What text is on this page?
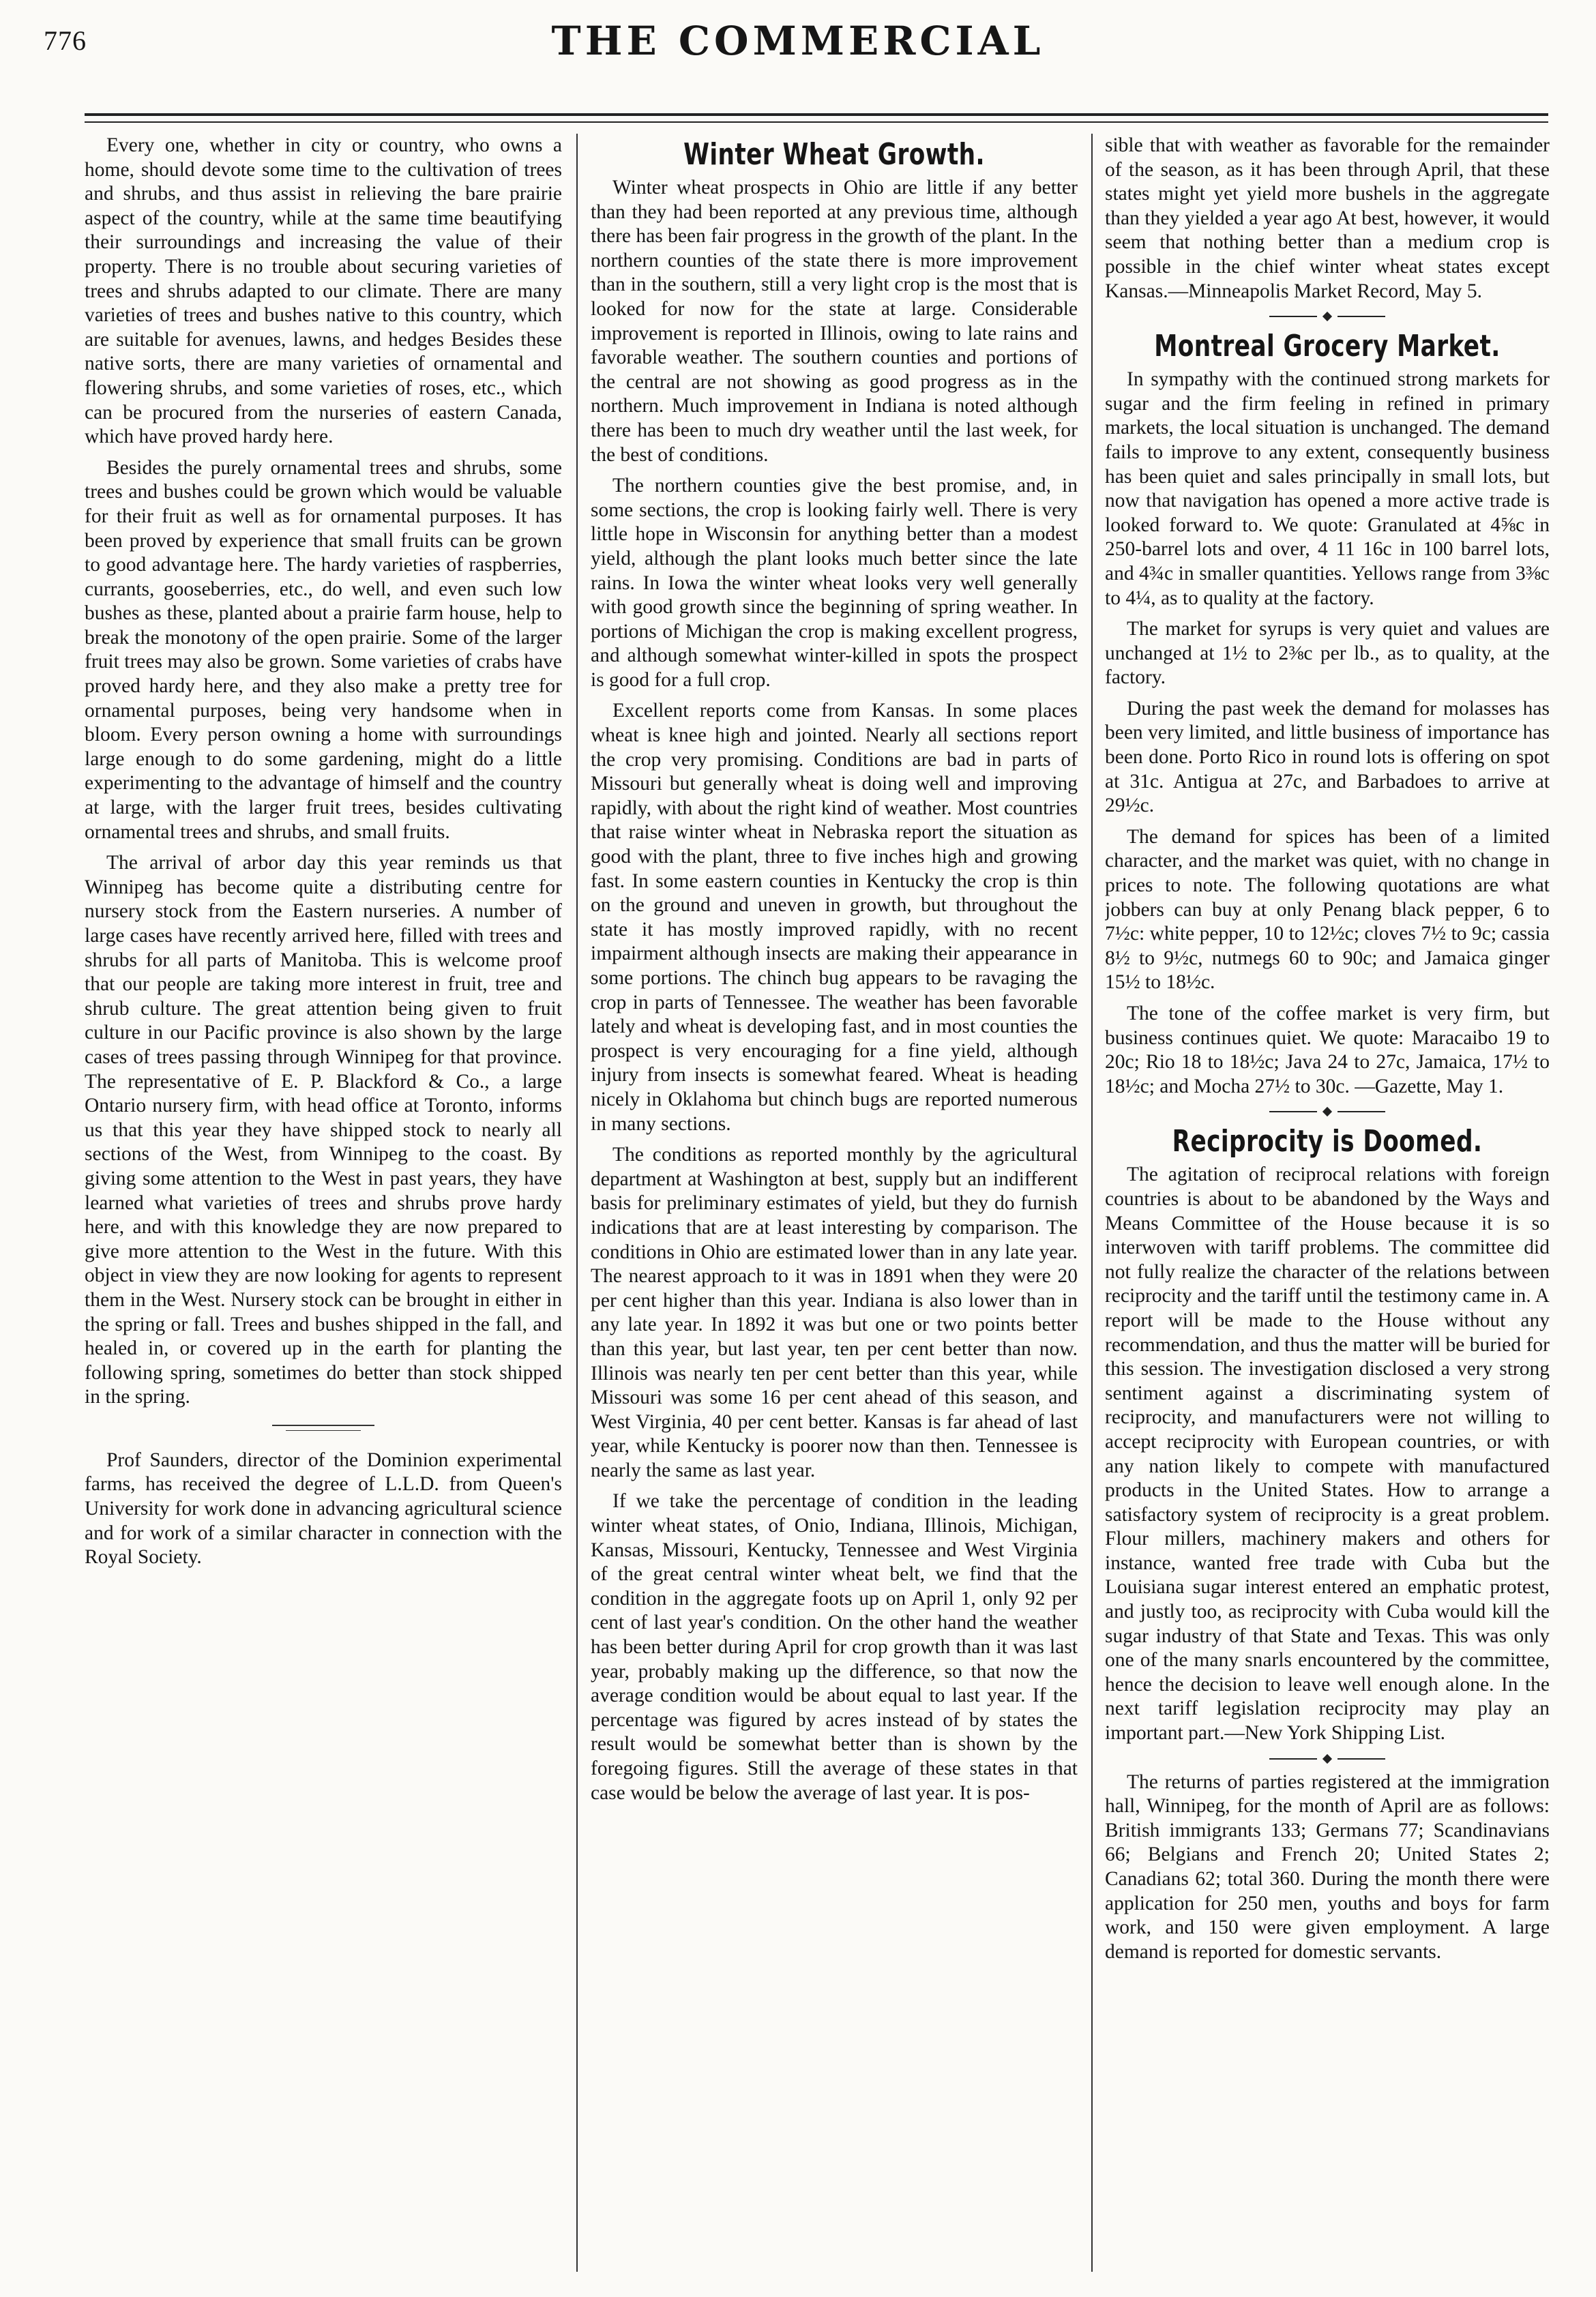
776	THE COMMERCIAL

Every one, whether in city or country, who owns a home, should devote some time to the cultivation of trees and shrubs, and thus assist in relieving the bare prairie aspect of the country, while at the same time beautifying their surroundings and increasing the value of their property. There is no trouble about securing varieties of trees and shrubs adapted to our climate. There are many varieties of trees and bushes native to this country, which are suitable for avenues, lawns, and hedges Besides these native sorts, there are many varieties of ornamental and flowering shrubs, and some varieties of roses, etc., which can be procured from the nurseries of eastern Canada, which have proved hardy here.

Besides the purely ornamental trees and shrubs, some trees and bushes could be grown which would be valuable for their fruit as well as for ornamental purposes. It has been proved by experience that small fruits can be grown to good advantage here. The hardy varieties of raspberries, currants, gooseberries, etc., do well, and even such low bushes as these, planted about a prairie farm house, help to break the monotony of the open prairie. Some of the larger fruit trees may also be grown. Some varieties of crabs have proved hardy here, and they also make a pretty tree for ornamental purposes, being very handsome when in bloom. Every person owning a home with surroundings large enough to do some gardening, might do a little experimenting to the advantage of himself and the country at large, with the larger fruit trees, besides cultivating ornamental trees and shrubs, and small fruits.

The arrival of arbor day this year reminds us that Winnipeg has become quite a distributing centre for nursery stock from the Eastern nurseries. A number of large cases have recently arrived here, filled with trees and shrubs for all parts of Manitoba. This is welcome proof that our people are taking more interest in fruit, tree and shrub culture. The great attention being given to fruit culture in our Pacific province is also shown by the large cases of trees passing through Winnipeg for that province. The representative of E. P. Blackford & Co., a large Ontario nursery firm, with head office at Toronto, informs us that this year they have shipped stock to nearly all sections of the West, from Winnipeg to the coast. By giving some attention to the West in past years, they have learned what varieties of trees and shrubs prove hardy here, and with this knowledge they are now prepared to give more attention to the West in the future. With this object in view they are now looking for agents to represent them in the West. Nursery stock can be brought in either in the spring or fall. Trees and bushes shipped in the fall, and healed in, or covered up in the earth for planting the following spring, sometimes do better than stock shipped in the spring.

Prof Saunders, director of the Dominion experimental farms, has received the degree of L.L.D. from Queen's University for work done in advancing agricultural science and for work of a similar character in connection with the Royal Society.

Winter Wheat Growth.

Winter wheat prospects in Ohio are little if any better than they had been reported at any previous time, although there has been fair progress in the growth of the plant. In the northern counties of the state there is more improvement than in the southern, still a very light crop is the most that is looked for now for the state at large. Considerable improvement is reported in Illinois, owing to late rains and favorable weather. The southern counties and portions of the central are not showing as good progress as in the northern. Much improvement in Indiana is noted although there has been to much dry weather until the last week, for the best of conditions.

The northern counties give the best promise, and, in some sections, the crop is looking fairly well. There is very little hope in Wisconsin for anything better than a modest yield, although the plant looks much better since the late rains. In Iowa the winter wheat looks very well generally with good growth since the beginning of spring weather. In portions of Michigan the crop is making excellent progress, and although somewhat winter-killed in spots the prospect is good for a full crop.

Excellent reports come from Kansas. In some places wheat is knee high and jointed. Nearly all sections report the crop very promising. Conditions are bad in parts of Missouri but generally wheat is doing well and improving rapidly, with about the right kind of weather. Most countries that raise winter wheat in Nebraska report the situation as good with the plant, three to five inches high and growing fast. In some eastern counties in Kentucky the crop is thin on the ground and uneven in growth, but throughout the state it has mostly improved rapidly, with no recent impairment although insects are making their appearance in some portions. The chinch bug appears to be ravaging the crop in parts of Tennessee. The weather has been favorable lately and wheat is developing fast, and in most counties the prospect is very encouraging for a fine yield, although injury from insects is somewhat feared. Wheat is heading nicely in Oklahoma but chinch bugs are reported numerous in many sections.

The conditions as reported monthly by the agricultural department at Washington at best, supply but an indifferent basis for preliminary estimates of yield, but they do furnish indications that are at least interesting by comparison. The conditions in Ohio are estimated lower than in any late year. The nearest approach to it was in 1891 when they were 20 per cent higher than this year. Indiana is also lower than in any late year. In 1892 it was but one or two points better than this year, but last year, ten per cent better than now. Illinois was nearly ten per cent better than this year, while Missouri was some 16 per cent ahead of this season, and West Virginia, 40 per cent better. Kansas is far ahead of last year, while Kentucky is poorer now than then. Tennessee is nearly the same as last year.

If we take the percentage of condition in the leading winter wheat states, of Onio, Indiana, Illinois, Michigan, Kansas, Missouri, Kentucky, Tennessee and West Virginia of the great central winter wheat belt, we find that the condition in the aggregate foots up on April 1, only 92 per cent of last year's condition. On the other hand the weather has been better during April for crop growth than it was last year, probably making up the difference, so that now the average condition would be about equal to last year. If the percentage was figured by acres instead of by states the result would be somewhat better than is shown by the foregoing figures. Still the average of these states in that case would be below the average of last year. It is pos-

sible that with weather as favorable for the remainder of the season, as it has been through April, that these states might yet yield more bushels in the aggregate than they yielded a year ago At best, however, it would seem that nothing better than a medium crop is possible in the chief winter wheat states except Kansas.—Minneapolis Market Record, May 5.

Montreal Grocery Market.

In sympathy with the continued strong markets for sugar and the firm feeling in refined in primary markets, the local situation is unchanged. The demand fails to improve to any extent, consequently business has been quiet and sales principally in small lots, but now that navigation has opened a more active trade is looked forward to. We quote: Granulated at 4⅝c in 250-barrel lots and over, 4 11 16c in 100 barrel lots, and 4¾c in smaller quantities. Yellows range from 3⅜c to 4¼, as to quality at the factory.

The market for syrups is very quiet and values are unchanged at 1½ to 2⅜c per lb., as to quality, at the factory.

During the past week the demand for molasses has been very limited, and little business of importance has been done. Porto Rico in round lots is offering on spot at 31c. Antigua at 27c, and Barbadoes to arrive at 29½c.

The demand for spices has been of a limited character, and the market was quiet, with no change in prices to note. The following quotations are what jobbers can buy at only Penang black pepper, 6 to 7½c: white pepper, 10 to 12½c; cloves 7½ to 9c; cassia 8½ to 9½c, nutmegs 60 to 90c; and Jamaica ginger 15½ to 18½c.

The tone of the coffee market is very firm, but business continues quiet. We quote: Maracaibo 19 to 20c; Rio 18 to 18½c; Java 24 to 27c, Jamaica, 17½ to 18½c; and Mocha 27½ to 30c. —Gazette, May 1.

Reciprocity is Doomed.

The agitation of reciprocal relations with foreign countries is about to be abandoned by the Ways and Means Committee of the House because it is so interwoven with tariff problems. The committee did not fully realize the character of the relations between reciprocity and the tariff until the testimony came in. A report will be made to the House without any recommendation, and thus the matter will be buried for this session. The investigation disclosed a very strong sentiment against a discriminating system of reciprocity, and manufacturers were not willing to accept reciprocity with European countries, or with any nation likely to compete with manufactured products in the United States. How to arrange a satisfactory system of reciprocity is a great problem. Flour millers, machinery makers and others for instance, wanted free trade with Cuba but the Louisiana sugar interest entered an emphatic protest, and justly too, as reciprocity with Cuba would kill the sugar industry of that State and Texas. This was only one of the many snarls encountered by the committee, hence the decision to leave well enough alone. In the next tariff legislation reciprocity may play an important part.—New York Shipping List.

The returns of parties registered at the immigration hall, Winnipeg, for the month of April are as follows: British immigrants 133; Germans 77; Scandinavians 66; Belgians and French 20; United States 2; Canadians 62; total 360. During the month there were application for 250 men, youths and boys for farm work, and 150 were given employment. A large demand is reported for domestic servants.
